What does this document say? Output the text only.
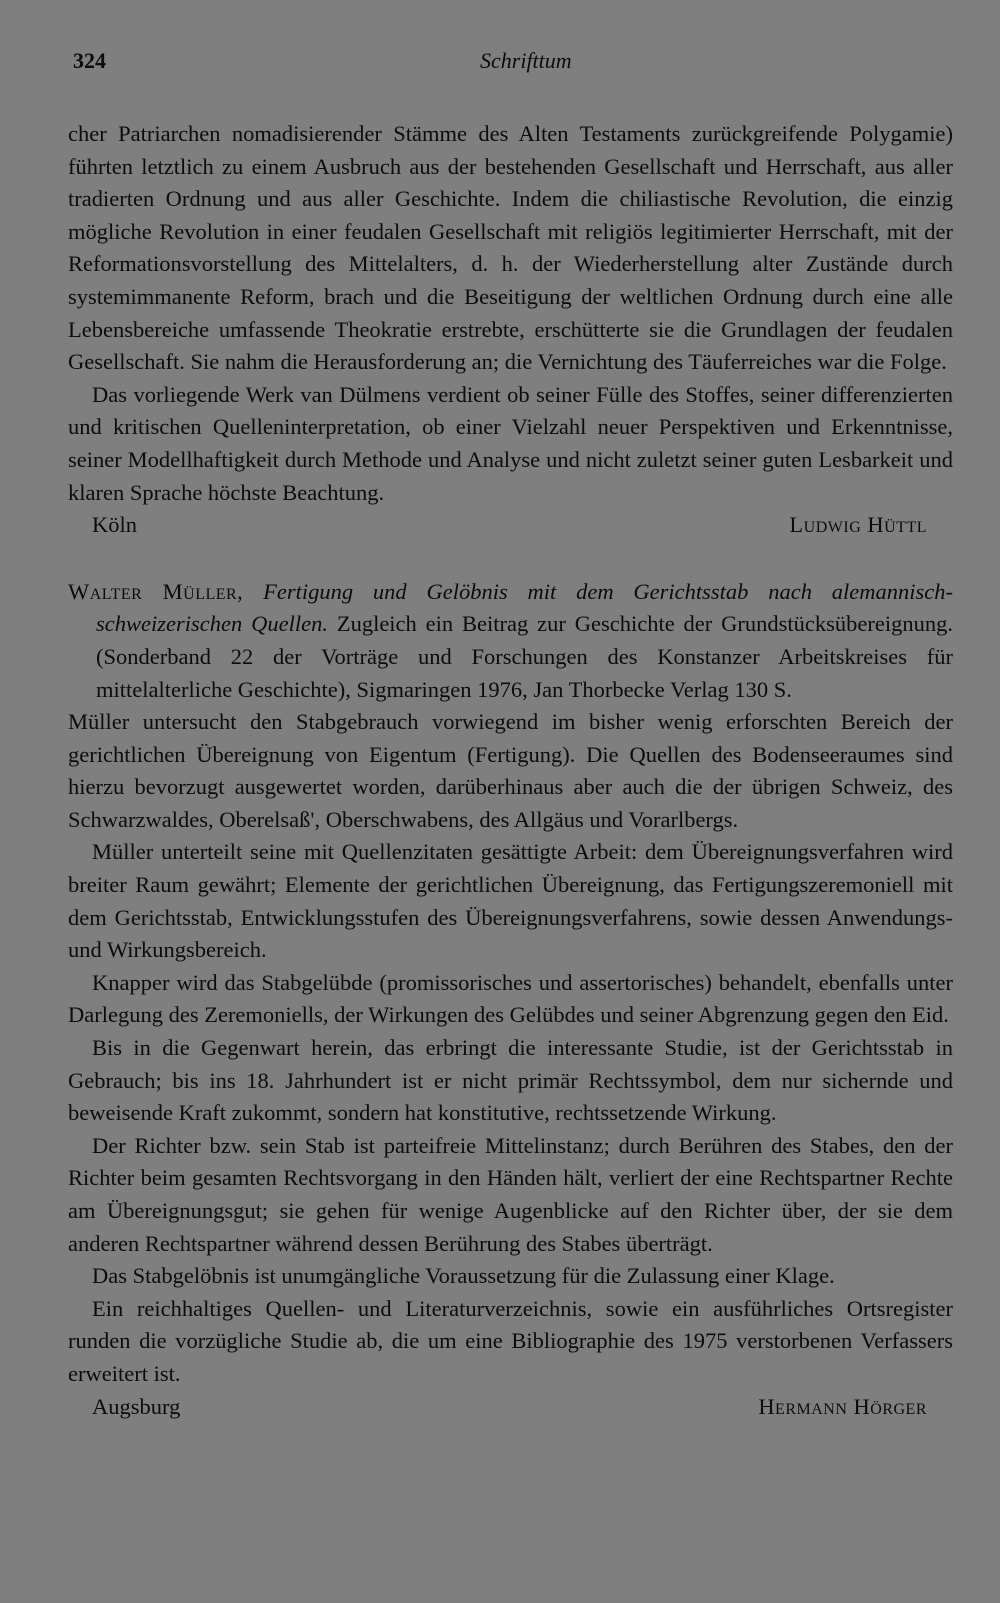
324	Schrifttum

cher Patriarchen nomadisierender Stämme des Alten Testaments zurückgreifende Polygamie) führten letztlich zu einem Ausbruch aus der bestehenden Gesellschaft und Herrschaft, aus aller tradierten Ordnung und aus aller Geschichte. Indem die chiliastische Revolution, die einzig mögliche Revolution in einer feudalen Gesellschaft mit religiös legitimierter Herrschaft, mit der Reformationsvorstellung des Mittelalters, d. h. der Wiederherstellung alter Zustände durch systemimmanente Reform, brach und die Beseitigung der weltlichen Ordnung durch eine alle Lebensbereiche umfassende Theokratie erstrebte, erschütterte sie die Grundlagen der feudalen Gesellschaft. Sie nahm die Herausforderung an; die Vernichtung des Täuferreiches war die Folge.

Das vorliegende Werk van Dülmens verdient ob seiner Fülle des Stoffes, seiner differenzierten und kritischen Quelleninterpretation, ob einer Vielzahl neuer Perspektiven und Erkenntnisse, seiner Modellhaftigkeit durch Methode und Analyse und nicht zuletzt seiner guten Lesbarkeit und klaren Sprache höchste Beachtung.

Köln	Ludwig Hüttl

Walter Müller, Fertigung und Gelöbnis mit dem Gerichtsstab nach alemannisch-schweizerischen Quellen. Zugleich ein Beitrag zur Geschichte der Grundstücksübereignung. (Sonderband 22 der Vorträge und Forschungen des Konstanzer Arbeitskreises für mittelalterliche Geschichte), Sigmaringen 1976, Jan Thorbecke Verlag 130 S.

Müller untersucht den Stabgebrauch vorwiegend im bisher wenig erforschten Bereich der gerichtlichen Übereignung von Eigentum (Fertigung). Die Quellen des Bodenseeraumes sind hierzu bevorzugt ausgewertet worden, darüberhinaus aber auch die der übrigen Schweiz, des Schwarzwaldes, Oberelsaß', Oberschwabens, des Allgäus und Vorarlbergs.

Müller unterteilt seine mit Quellenzitaten gesättigte Arbeit: dem Übereignungsverfahren wird breiter Raum gewährt; Elemente der gerichtlichen Übereignung, das Fertigungszeremoniell mit dem Gerichtsstab, Entwicklungsstufen des Übereignungsverfahrens, sowie dessen Anwendungs- und Wirkungsbereich.

Knapper wird das Stabgelübde (promissorisches und assertorisches) behandelt, ebenfalls unter Darlegung des Zeremoniells, der Wirkungen des Gelübdes und seiner Abgrenzung gegen den Eid.

Bis in die Gegenwart herein, das erbringt die interessante Studie, ist der Gerichtsstab in Gebrauch; bis ins 18. Jahrhundert ist er nicht primär Rechtssymbol, dem nur sichernde und beweisende Kraft zukommt, sondern hat konstitutive, rechtssetzende Wirkung.

Der Richter bzw. sein Stab ist parteifreie Mittelinstanz; durch Berühren des Stabes, den der Richter beim gesamten Rechtsvorgang in den Händen hält, verliert der eine Rechtspartner Rechte am Übereignungsgut; sie gehen für wenige Augenblicke auf den Richter über, der sie dem anderen Rechtspartner während dessen Berührung des Stabes überträgt.

Das Stabgelöbnis ist unumgängliche Voraussetzung für die Zulassung einer Klage.

Ein reichhaltiges Quellen- und Literaturverzeichnis, sowie ein ausführliches Ortsregister runden die vorzügliche Studie ab, die um eine Bibliographie des 1975 verstorbenen Verfassers erweitert ist.

Augsburg	Hermann Hörger
